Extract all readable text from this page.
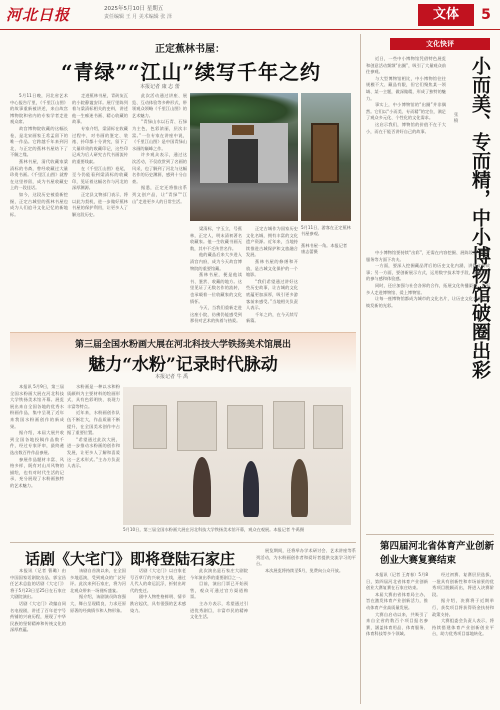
河北日报	2025年5月10日 星期五
责任编辑 王 月 美术编辑 张 泽	文体	5
正定蕉林书屋：
“青绿”“江山”续写千年之约
本报记者 康 志 蕾

5月11日晚，河北省艺术中心报告厅里，《千里江山图》的故事重新被讲述，来自故宫博物院和省内的专家学者走进观众席。

故宫博物院收藏的这幅长卷，是北宋画家王希孟留下的唯一作品。它跨越千年来到河北，与正定的蕉林书屋结下了不解之缘。

蕉林书屋，清代收藏家梁清标的书斋，曾经收藏过大量珍贵书画。《千里江山图》就曾在这里停留，成为书屋收藏史上的一段佳话。

如今，这段历史被重新挖掘，正定古城里的蕉林书屋也成为人们追寻文化记忆的新地标。

走进蕉林书屋，青砖灰瓦的小院静谧安详。展厅里陈列着与梁清标相关的史料，讲述他一生痴迷书画、精心收藏的故事。

专家介绍，梁清标在收藏过程中，对书画的鉴定、装裱、钤印都十分讲究，留下了大量珍贵的收藏印记，这些印记成为后人研究古代书画流传的重要线索。

在《千里江山图》卷尾，至今仍能看到梁清标的收藏印，见证着这幅名作与河北的深厚渊源。

正定县文物部门表示，将以此为契机，进一步做好蕉林书屋的保护利用，让更多人了解这段历史。

此次活动通过讲座、展览、互动体验等多种形式，带领观众领略《千里江山图》的艺术魅力。

“青绿山水以石青、石绿为主色，色彩浓丽，层次丰富。”一位专家在讲座中说，《千里江山图》是中国青绿山水画的巅峰之作。

许多观众表示，通过这次活动，不仅欣赏到了名画的风采，也了解到了河北与这幅名作的历史渊源，感到十分自豪。

据悉，正定还将推出系列文创产品，让“青绿”“江山”走进更多人的日常生活。

5月11日，游客在正定蕉林书屋参观。
蕉林书屋一角。本报记者 康志蕾摄

梁清标，字玉立，号蕉林，正定人，明末清初著名收藏家。他一生收藏书画无数，其中不乏传世名作。

他的藏品后来大多进入清宫内府，成为今天故宫博物院的重要馆藏。

蕉林书屋，便是他读书、鉴赏、收藏的地方。这里见证了无数名作的流转，也承载着一位收藏家的文化情怀。

今天，当我们重新走进这座小院，仿佛仍能感受到那份对艺术的执着与热爱。

正定古城作为国家历史文化名城，拥有丰富的文化遗产资源。近年来，当地持续推进古城保护和文旅融合发展。

蕉林书屋的修缮和开放，是古城文化保护的一个缩影。

“我们希望通过讲好这些历史故事，让古城的文化底蕴更加深厚，吸引更多游客前来感受。”当地相关负责人表示。

千年之约，在今天续写新篇。

第三届全国水粉画大展在河北科技大学铁扬美术馆展出
魅力“水粉”记录时代脉动
本报记者 牛 禹

本报讯 5月9日，第三届全国水粉画大展在河北科技大学铁扬美术馆开幕。展览展出来自全国各地的优秀水粉画作品，集中呈现了近年来我国水粉画创作的新成果。

据介绍，本届大展共收到全国各地投稿作品数千件，经过专家评审，最终遴选出数百件作品参展。

参展作品题材丰富、风格多样，既有对山川风物的描绘，也有对时代生活的记录，充分展现了水粉画独特的艺术魅力。

水粉画是一种以水和粉质颜料为主要材料的绘画形式，具有色彩明快、表现力丰富等特点。

近年来，水粉画创作队伍不断壮大，作品质量不断提升，在全国美术创作中占据了重要位置。

“希望通过此次大展，进一步推动水粉画的创作和发展，让更多人了解和喜爱这一艺术形式。”主办方负责人表示。

5月10日，第三届全国水粉画大展在河北科技大学铁扬美术馆开幕，观众在观展。本报记者 牛禹摄

话剧《大宅门》即将登陆石家庄

本报讯（记者 曹璐）由中国国家话剧院出品、郭宝昌任艺术总监的话剧《大宅门》将于5月23日至25日在石家庄大剧院演出。

话剧《大宅门》改编自同名电视剧，讲述了百年老字号药铺的兴衰历程，展现了中华民族的坚韧精神和传统文化的深厚底蕴。

该剧自首演以来，在全国多地巡演，受到观众的广泛好评。此次来到石家庄，将为河北观众带来一场视听盛宴。

据介绍，该剧演员阵容强大，舞台呈现精良，力求还原原著的经典情节和人物形象。

话剧《大宅门》以白家老号百草厅的兴衰为主线，通过几代人的命运沉浮，折射出时代的变迁。

剧中人物性格鲜明、情节跌宕起伏，具有很强的艺术感染力。

此次演出是石家庄大剧院今年演出季的重要剧目之一。

目前，演出门票已开始预售，观众可通过官方渠道购票。

主办方表示，希望通过引进优秀剧目，丰富市民的精神文化生活。

展览期间，还将举办学术研讨会、艺术讲座等系列活动，为水粉画创作者和爱好者提供交流学习的平台。

本次展览将持续至6月，免费向公众开放。

文化快评
小而美、专而精，中小博物馆破圈出彩
张 楠

近日，一些中小博物馆凭借特色展览和创意活动频频“出圈”，吸引了大量观众前往参观。

与大型博物馆相比，中小博物馆往往规模不大、藏品有限，但它们聚焦某一领域、某一主题，做深做精，形成了独特的魅力。

事实上，中小博物馆的“出圈”并非偶然。它们以“小而美、专而精”的定位，满足了观众多元化、个性化的文化需求。

这启示我们，博物馆的价值不在于大小，而在于能否讲好自己的故事。

中小博物馆要持续“出彩”，还需在内容挖掘、展陈设计、公共服务等方面下功夫。

一方面，要深入挖掘藏品背后的历史文化内涵，讲好文物故事；另一方面，要创新展示方式，运用数字技术等手段，增强观众的参与感和体验感。

同时，还应加强与社会各界的合作，拓展文化传播渠道，让更多人走进博物馆、爱上博物馆。

让每一座博物馆都成为城市的文化名片，让历史文化在新时代焕发新的光彩。

第四届河北省体育产业创新创业大赛复赛结束

本报讯（记者 王育春）5月8日，第四届河北省体育产业创新创业大赛复赛在石家庄结束。

本届大赛由省体育局主办，旨在激发体育产业创新活力，推动体育产业高质量发展。

大赛自启动以来，共吸引了来自全省的数百个项目报名参赛，涵盖体育用品、体育服务、体育科技等多个领域。

经过初赛、复赛层层选拔，一批具有创新性和市场前景的优秀项目脱颖而出，将进入决赛阶段。

据介绍，决赛将于近期举行，获奖项目将获得资金扶持和政策支持。

大赛组委会负责人表示，将持续搭建体育产业创新创业平台，助力优秀项目落地转化。
